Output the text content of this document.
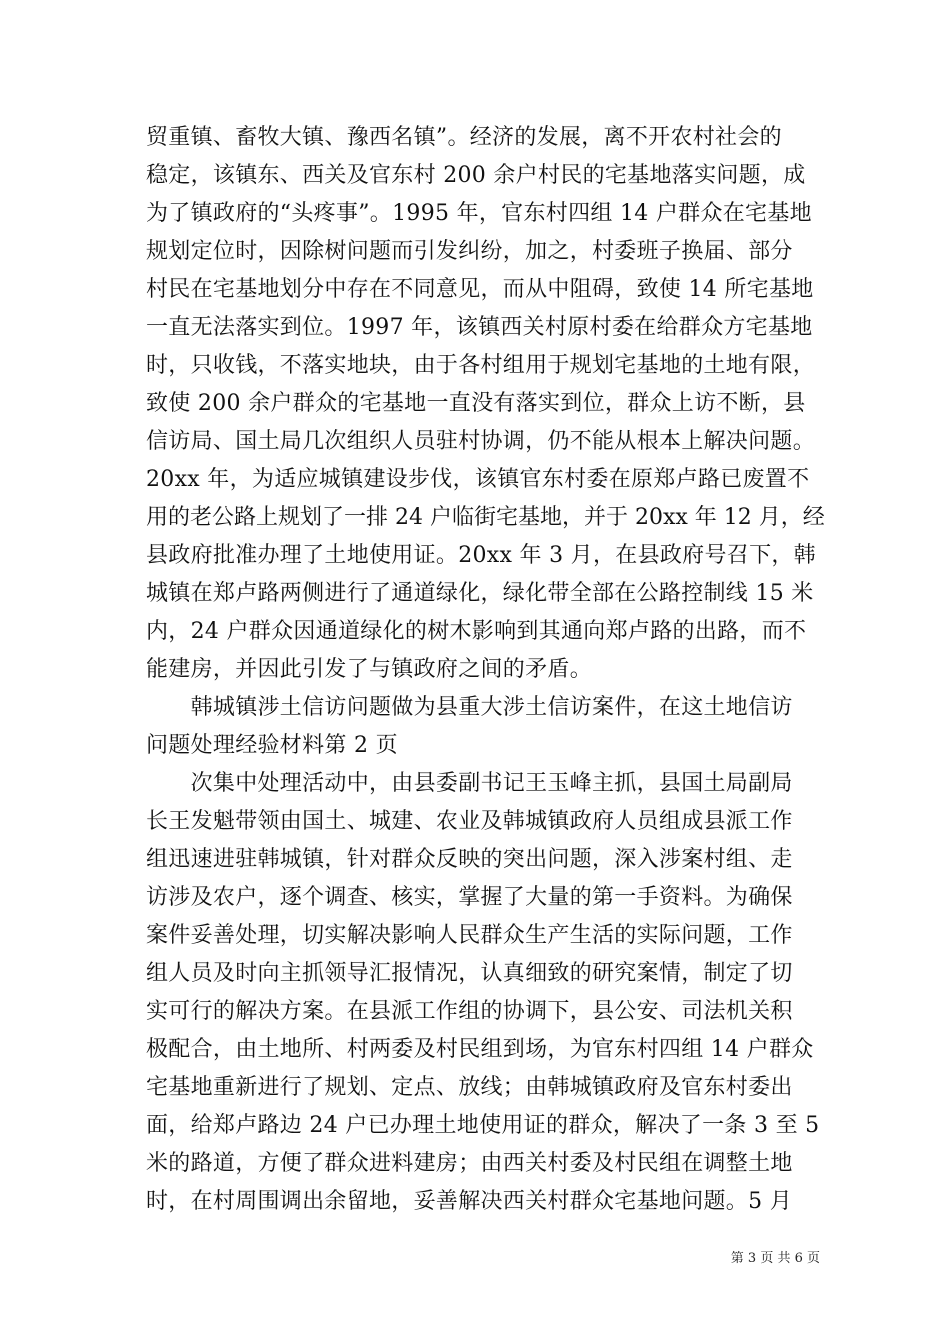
贸重镇、畜牧大镇、豫西名镇”。经济的发展，离不开农村社会的
稳定，该镇东、西关及官东村 200 余户村民的宅基地落实问题，成
为了镇政府的“头疼事”。1995 年，官东村四组 14 户群众在宅基地
规划定位时，因除树问题而引发纠纷，加之，村委班子换届、部分
村民在宅基地划分中存在不同意见，而从中阻碍，致使 14 所宅基地
一直无法落实到位。1997 年，该镇西关村原村委在给群众方宅基地
时，只收钱，不落实地块，由于各村组用于规划宅基地的土地有限，
致使 200 余户群众的宅基地一直没有落实到位，群众上访不断，县
信访局、国土局几次组织人员驻村协调，仍不能从根本上解决问题。
20xx 年，为适应城镇建设步伐，该镇官东村委在原郑卢路已废置不
用的老公路上规划了一排 24 户临街宅基地，并于 20xx 年 12 月，经
县政府批准办理了土地使用证。20xx 年 3 月，在县政府号召下，韩
城镇在郑卢路两侧进行了通道绿化，绿化带全部在公路控制线 15 米
内，24 户群众因通道绿化的树木影响到其通向郑卢路的出路，而不
能建房，并因此引发了与镇政府之间的矛盾。
　　韩城镇涉土信访问题做为县重大涉土信访案件，在这土地信访
问题处理经验材料第 2 页
　　次集中处理活动中，由县委副书记王玉峰主抓，县国土局副局
长王发魁带领由国土、城建、农业及韩城镇政府人员组成县派工作
组迅速进驻韩城镇，针对群众反映的突出问题，深入涉案村组、走
访涉及农户，逐个调查、核实，掌握了大量的第一手资料。为确保
案件妥善处理，切实解决影响人民群众生产生活的实际问题，工作
组人员及时向主抓领导汇报情况，认真细致的研究案情，制定了切
实可行的解决方案。在县派工作组的协调下，县公安、司法机关积
极配合，由土地所、村两委及村民组到场，为官东村四组 14 户群众
宅基地重新进行了规划、定点、放线；由韩城镇政府及官东村委出
面，给郑卢路边 24 户已办理土地使用证的群众，解决了一条 3 至 5
米的路道，方便了群众进料建房；由西关村委及村民组在调整土地
时，在村周围调出余留地，妥善解决西关村群众宅基地问题。5 月
第 3 页 共 6 页
